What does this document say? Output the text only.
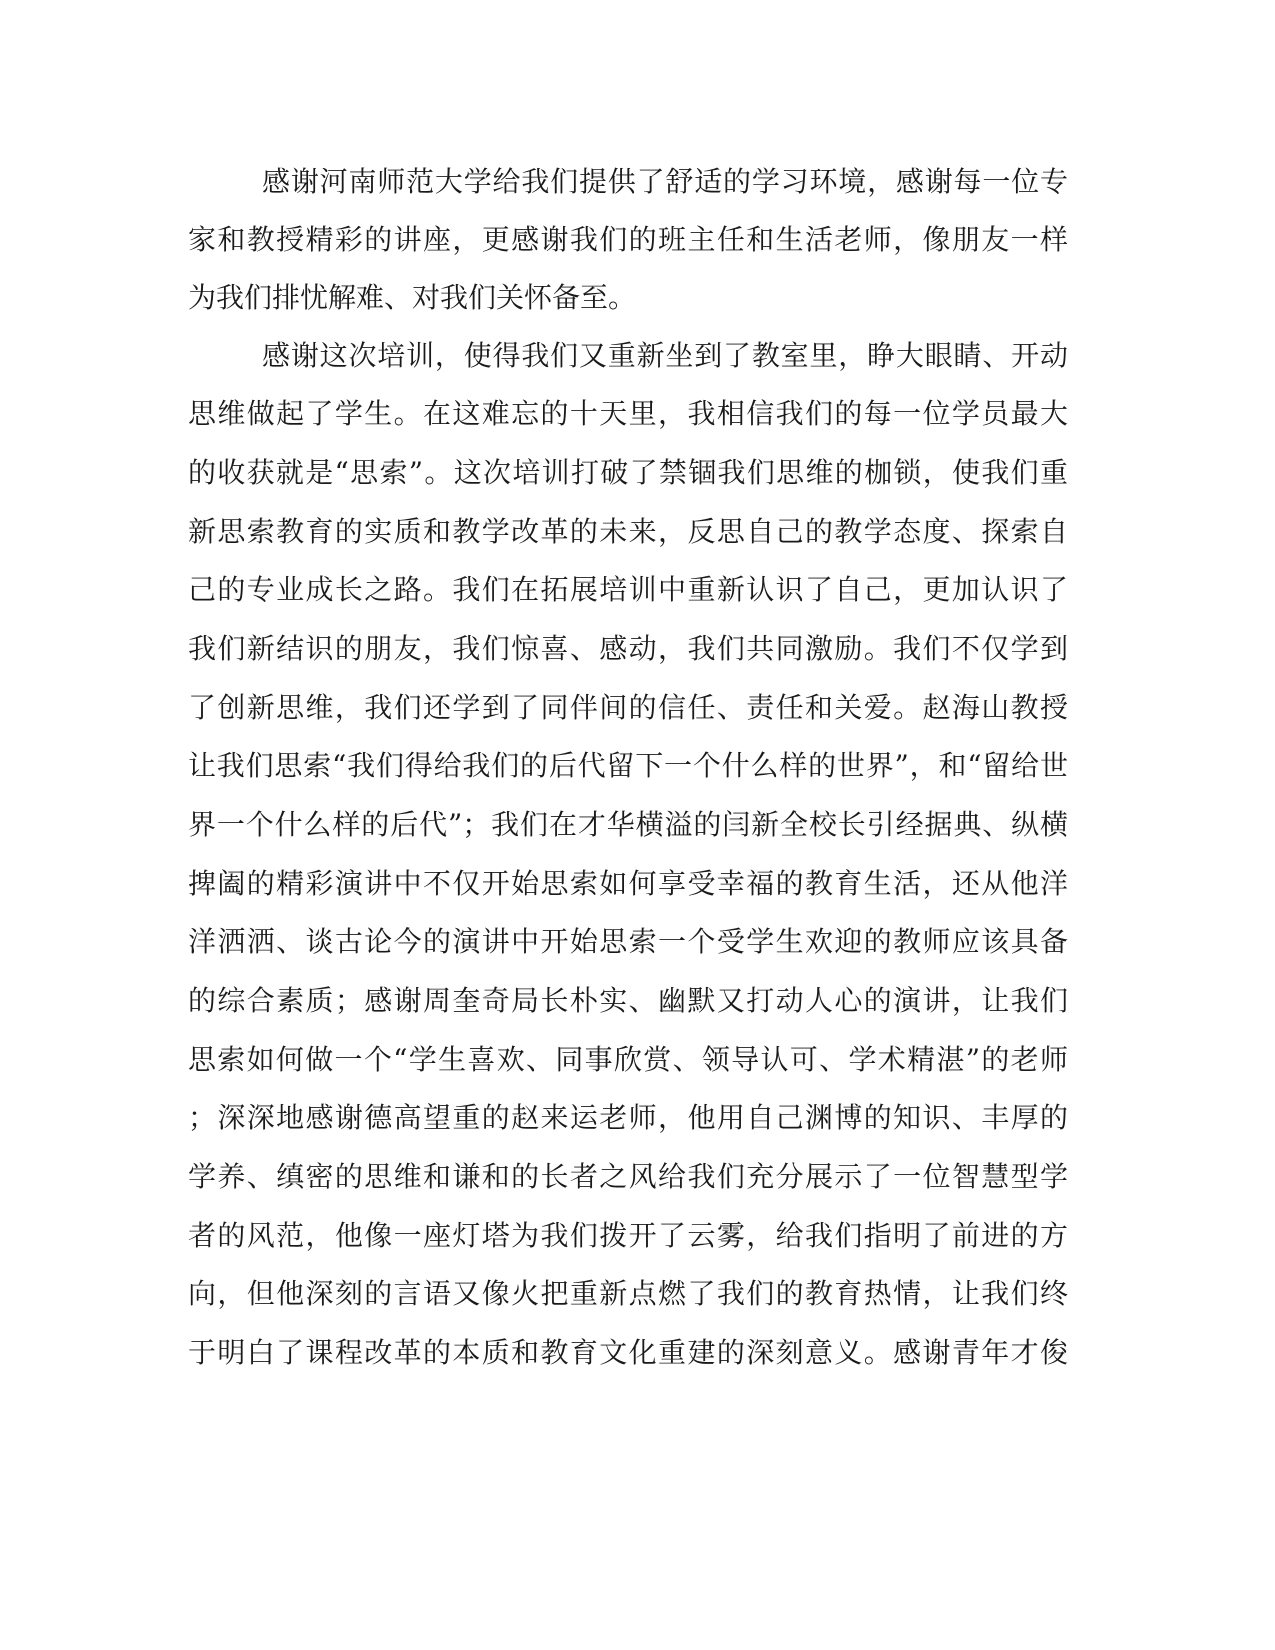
感谢河南师范大学给我们提供了舒适的学习环境，感谢每一位专
家和教授精彩的讲座，更感谢我们的班主任和生活老师，像朋友一样
为我们排忧解难、对我们关怀备至。
感谢这次培训，使得我们又重新坐到了教室里，睁大眼睛、开动
思维做起了学生。在这难忘的十天里，我相信我们的每一位学员最大
的收获就是“思索”。这次培训打破了禁锢我们思维的枷锁，使我们重
新思索教育的实质和教学改革的未来，反思自己的教学态度、探索自
己的专业成长之路。我们在拓展培训中重新认识了自己，更加认识了
我们新结识的朋友，我们惊喜、感动，我们共同激励。我们不仅学到
了创新思维，我们还学到了同伴间的信任、责任和关爱。赵海山教授
让我们思索“我们得给我们的后代留下一个什么样的世界”，和“留给世
界一个什么样的后代”；我们在才华横溢的闫新全校长引经据典、纵横
捭阖的精彩演讲中不仅开始思索如何享受幸福的教育生活，还从他洋
洋洒洒、谈古论今的演讲中开始思索一个受学生欢迎的教师应该具备
的综合素质；感谢周奎奇局长朴实、幽默又打动人心的演讲，让我们
思索如何做一个“学生喜欢、同事欣赏、领导认可、学术精湛”的老师
；深深地感谢德高望重的赵来运老师，他用自己渊博的知识、丰厚的
学养、缜密的思维和谦和的长者之风给我们充分展示了一位智慧型学
者的风范，他像一座灯塔为我们拨开了云雾，给我们指明了前进的方
向，但他深刻的言语又像火把重新点燃了我们的教育热情，让我们终
于明白了课程改革的本质和教育文化重建的深刻意义。感谢青年才俊
